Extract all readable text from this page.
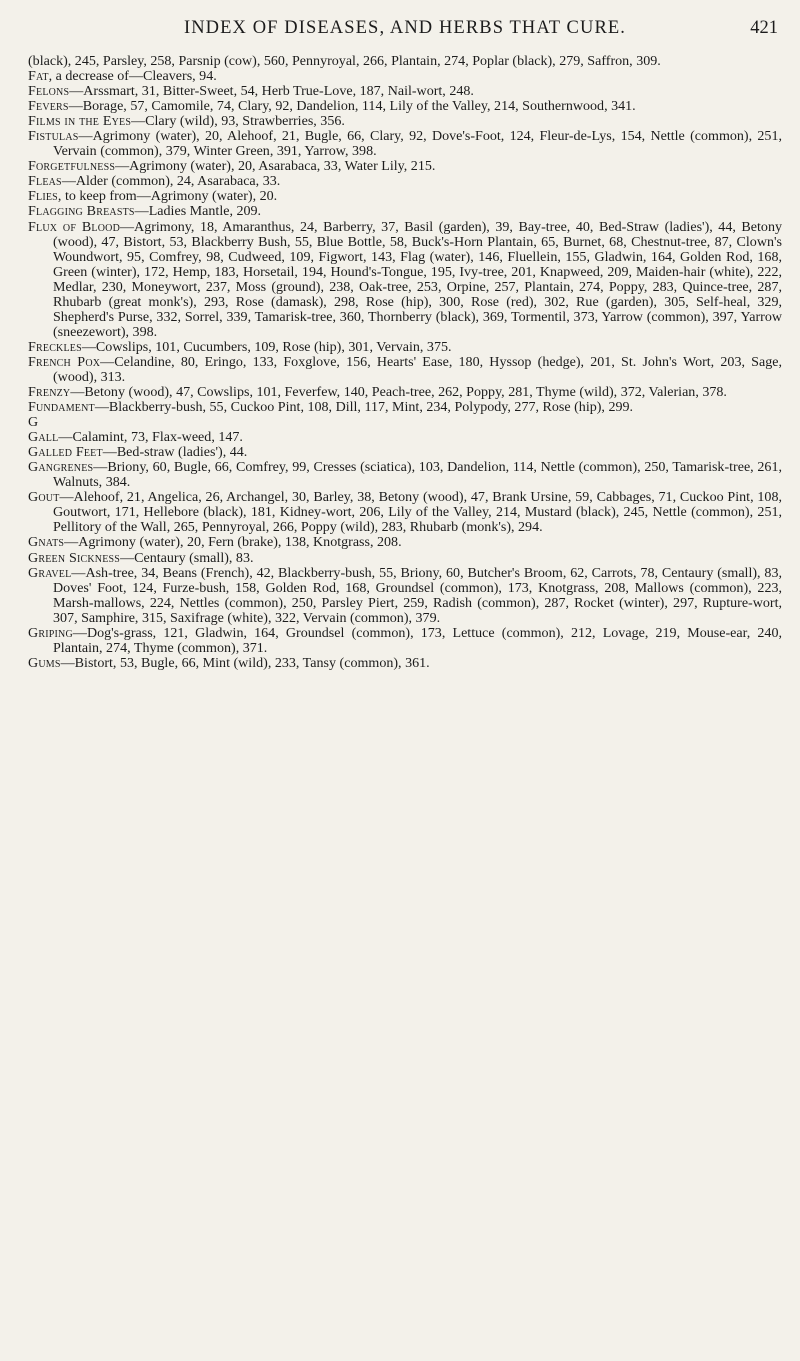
INDEX OF DISEASES, AND HERBS THAT CURE.	421

(black), 245, Parsley, 258, Parsnip (cow), 560, Pennyroyal, 266, Plantain, 274, Poplar (black), 279, Saffron, 309.

Fat, a decrease of—Cleavers, 94.

Felons—Arssmart, 31, Bitter-Sweet, 54, Herb True-Love, 187, Nail-wort, 248.

Fevers—Borage, 57, Camomile, 74, Clary, 92, Dandelion, 114, Lily of the Valley, 214, Southernwood, 341.

Films in the Eyes—Clary (wild), 93, Strawberries, 356.

Fistulas—Agrimony (water), 20, Alehoof, 21, Bugle, 66, Clary, 92, Dove's-Foot, 124, Fleur-de-Lys, 154, Nettle (common), 251, Vervain (common), 379, Winter Green, 391, Yarrow, 398.

Forgetfulness—Agrimony (water), 20, Asarabaca, 33, Water Lily, 215.

Fleas—Alder (common), 24, Asarabaca, 33.

Flies, to keep from—Agrimony (water), 20.

Flagging Breasts—Ladies Mantle, 209.

Flux of Blood—Agrimony, 18, Amaranthus, 24, Barberry, 37, Basil (garden), 39, Bay-tree, 40, Bed-Straw (ladies'), 44, Betony (wood), 47, Bistort, 53, Blackberry Bush, 55, Blue Bottle, 58, Buck's-Horn Plantain, 65, Burnet, 68, Chestnut-tree, 87, Clown's Woundwort, 95, Comfrey, 98, Cudweed, 109, Figwort, 143, Flag (water), 146, Fluellein, 155, Gladwin, 164, Golden Rod, 168, Green (winter), 172, Hemp, 183, Horsetail, 194, Hound's-Tongue, 195, Ivy-tree, 201, Knapweed, 209, Maiden-hair (white), 222, Medlar, 230, Moneywort, 237, Moss (ground), 238, Oak-tree, 253, Orpine, 257, Plantain, 274, Poppy, 283, Quince-tree, 287, Rhubarb (great monk's), 293, Rose (damask), 298, Rose (hip), 300, Rose (red), 302, Rue (garden), 305, Self-heal, 329, Shepherd's Purse, 332, Sorrel, 339, Tamarisk-tree, 360, Thornberry (black), 369, Tormentil, 373, Yarrow (common), 397, Yarrow (sneezewort), 398.

Freckles—Cowslips, 101, Cucumbers, 109, Rose (hip), 301, Vervain, 375.

French Pox—Celandine, 80, Eringo, 133, Foxglove, 156, Hearts' Ease, 180, Hyssop (hedge), 201, St. John's Wort, 203, Sage, (wood), 313.

Frenzy—Betony (wood), 47, Cowslips, 101, Feverfew, 140, Peach-tree, 262, Poppy, 281, Thyme (wild), 372, Valerian, 378.

Fundament—Blackberry-bush, 55, Cuckoo Pint, 108, Dill, 117, Mint, 234, Polypody, 277, Rose (hip), 299.

G

Gall—Calamint, 73, Flax-weed, 147.

Galled Feet—Bed-straw (ladies'), 44.

Gangrenes—Briony, 60, Bugle, 66, Comfrey, 99, Cresses (sciatica), 103, Dandelion, 114, Nettle (common), 250, Tamarisk-tree, 261, Walnuts, 384.

Gout—Alehoof, 21, Angelica, 26, Archangel, 30, Barley, 38, Betony (wood), 47, Brank Ursine, 59, Cabbages, 71, Cuckoo Pint, 108, Goutwort, 171, Hellebore (black), 181, Kidney-wort, 206, Lily of the Valley, 214, Mustard (black), 245, Nettle (common), 251, Pellitory of the Wall, 265, Pennyroyal, 266, Poppy (wild), 283, Rhubarb (monk's), 294.

Gnats—Agrimony (water), 20, Fern (brake), 138, Knotgrass, 208.

Green Sickness—Centaury (small), 83.

Gravel—Ash-tree, 34, Beans (French), 42, Blackberry-bush, 55, Briony, 60, Butcher's Broom, 62, Carrots, 78, Centaury (small), 83, Doves' Foot, 124, Furze-bush, 158, Golden Rod, 168, Groundsel (common), 173, Knotgrass, 208, Mallows (common), 223, Marsh-mallows, 224, Nettles (common), 250, Parsley Piert, 259, Radish (common), 287, Rocket (winter), 297, Rupture-wort, 307, Samphire, 315, Saxifrage (white), 322, Vervain (common), 379.

Griping—Dog's-grass, 121, Gladwin, 164, Groundsel (common), 173, Lettuce (common), 212, Lovage, 219, Mouse-ear, 240, Plantain, 274, Thyme (common), 371.

Gums—Bistort, 53, Bugle, 66, Mint (wild), 233, Tansy (common), 361.
